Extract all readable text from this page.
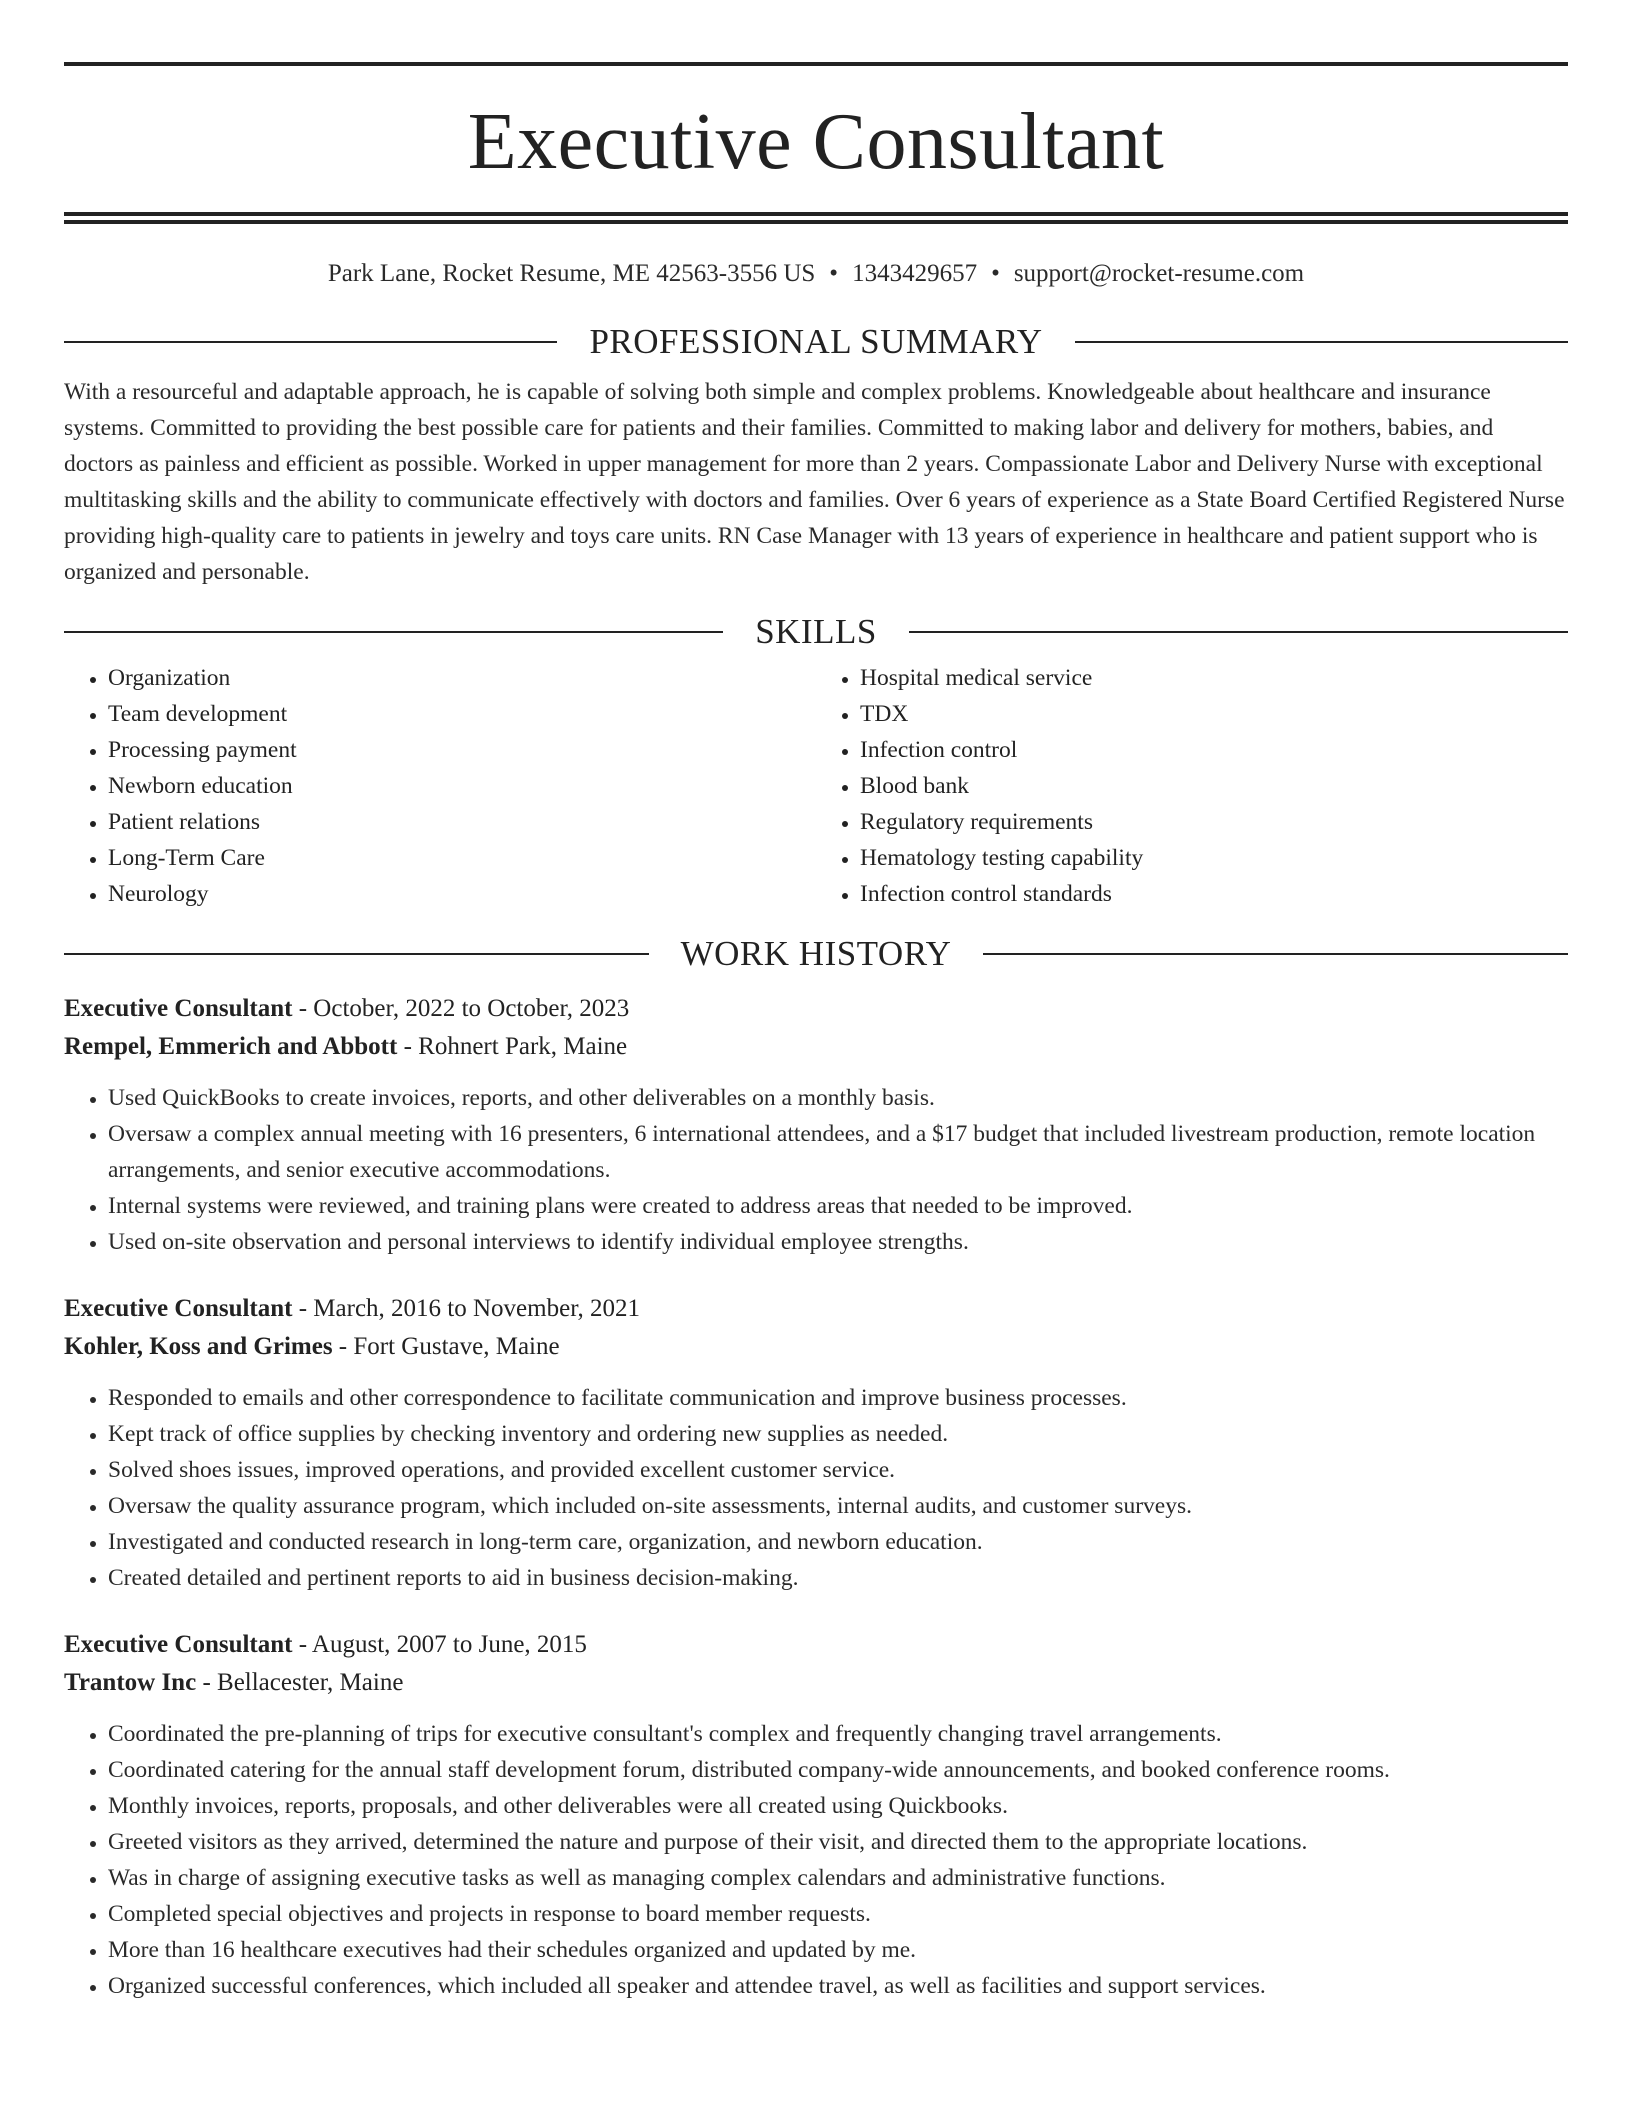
Executive Consultant
Park Lane, Rocket Resume, ME 42563-3556 US • 1343429657 • support@rocket-resume.com
PROFESSIONAL SUMMARY

With a resourceful and adaptable approach, he is capable of solving both simple and complex problems. Knowledgeable about healthcare and insurance systems. Committed to providing the best possible care for patients and their families. Committed to making labor and delivery for mothers, babies, and doctors as painless and efficient as possible. Worked in upper management for more than 2 years. Compassionate Labor and Delivery Nurse with exceptional multitasking skills and the ability to communicate effectively with doctors and families. Over 6 years of experience as a State Board Certified Registered Nurse providing high-quality care to patients in jewelry and toys care units. RN Case Manager with 13 years of experience in healthcare and patient support who is organized and personable.

SKILLS
• Organization
• Team development
• Processing payment
• Newborn education
• Patient relations
• Long-Term Care
• Neurology
• Hospital medical service
• TDX
• Infection control
• Blood bank
• Regulatory requirements
• Hematology testing capability
• Infection control standards
WORK HISTORY
Executive Consultant - October, 2022 to October, 2023
Rempel, Emmerich and Abbott - Rohnert Park, Maine
• Used QuickBooks to create invoices, reports, and other deliverables on a monthly basis.
• Oversaw a complex annual meeting with 16 presenters, 6 international attendees, and a $17 budget that included livestream production, remote location arrangements, and senior executive accommodations.
• Internal systems were reviewed, and training plans were created to address areas that needed to be improved.
• Used on-site observation and personal interviews to identify individual employee strengths.
Executive Consultant - March, 2016 to November, 2021
Kohler, Koss and Grimes - Fort Gustave, Maine
• Responded to emails and other correspondence to facilitate communication and improve business processes.
• Kept track of office supplies by checking inventory and ordering new supplies as needed.
• Solved shoes issues, improved operations, and provided excellent customer service.
• Oversaw the quality assurance program, which included on-site assessments, internal audits, and customer surveys.
• Investigated and conducted research in long-term care, organization, and newborn education.
• Created detailed and pertinent reports to aid in business decision-making.
Executive Consultant - August, 2007 to June, 2015
Trantow Inc - Bellacester, Maine
• Coordinated the pre-planning of trips for executive consultant's complex and frequently changing travel arrangements.
• Coordinated catering for the annual staff development forum, distributed company-wide announcements, and booked conference rooms.
• Monthly invoices, reports, proposals, and other deliverables were all created using Quickbooks.
• Greeted visitors as they arrived, determined the nature and purpose of their visit, and directed them to the appropriate locations.
• Was in charge of assigning executive tasks as well as managing complex calendars and administrative functions.
• Completed special objectives and projects in response to board member requests.
• More than 16 healthcare executives had their schedules organized and updated by me.
• Organized successful conferences, which included all speaker and attendee travel, as well as facilities and support services.
